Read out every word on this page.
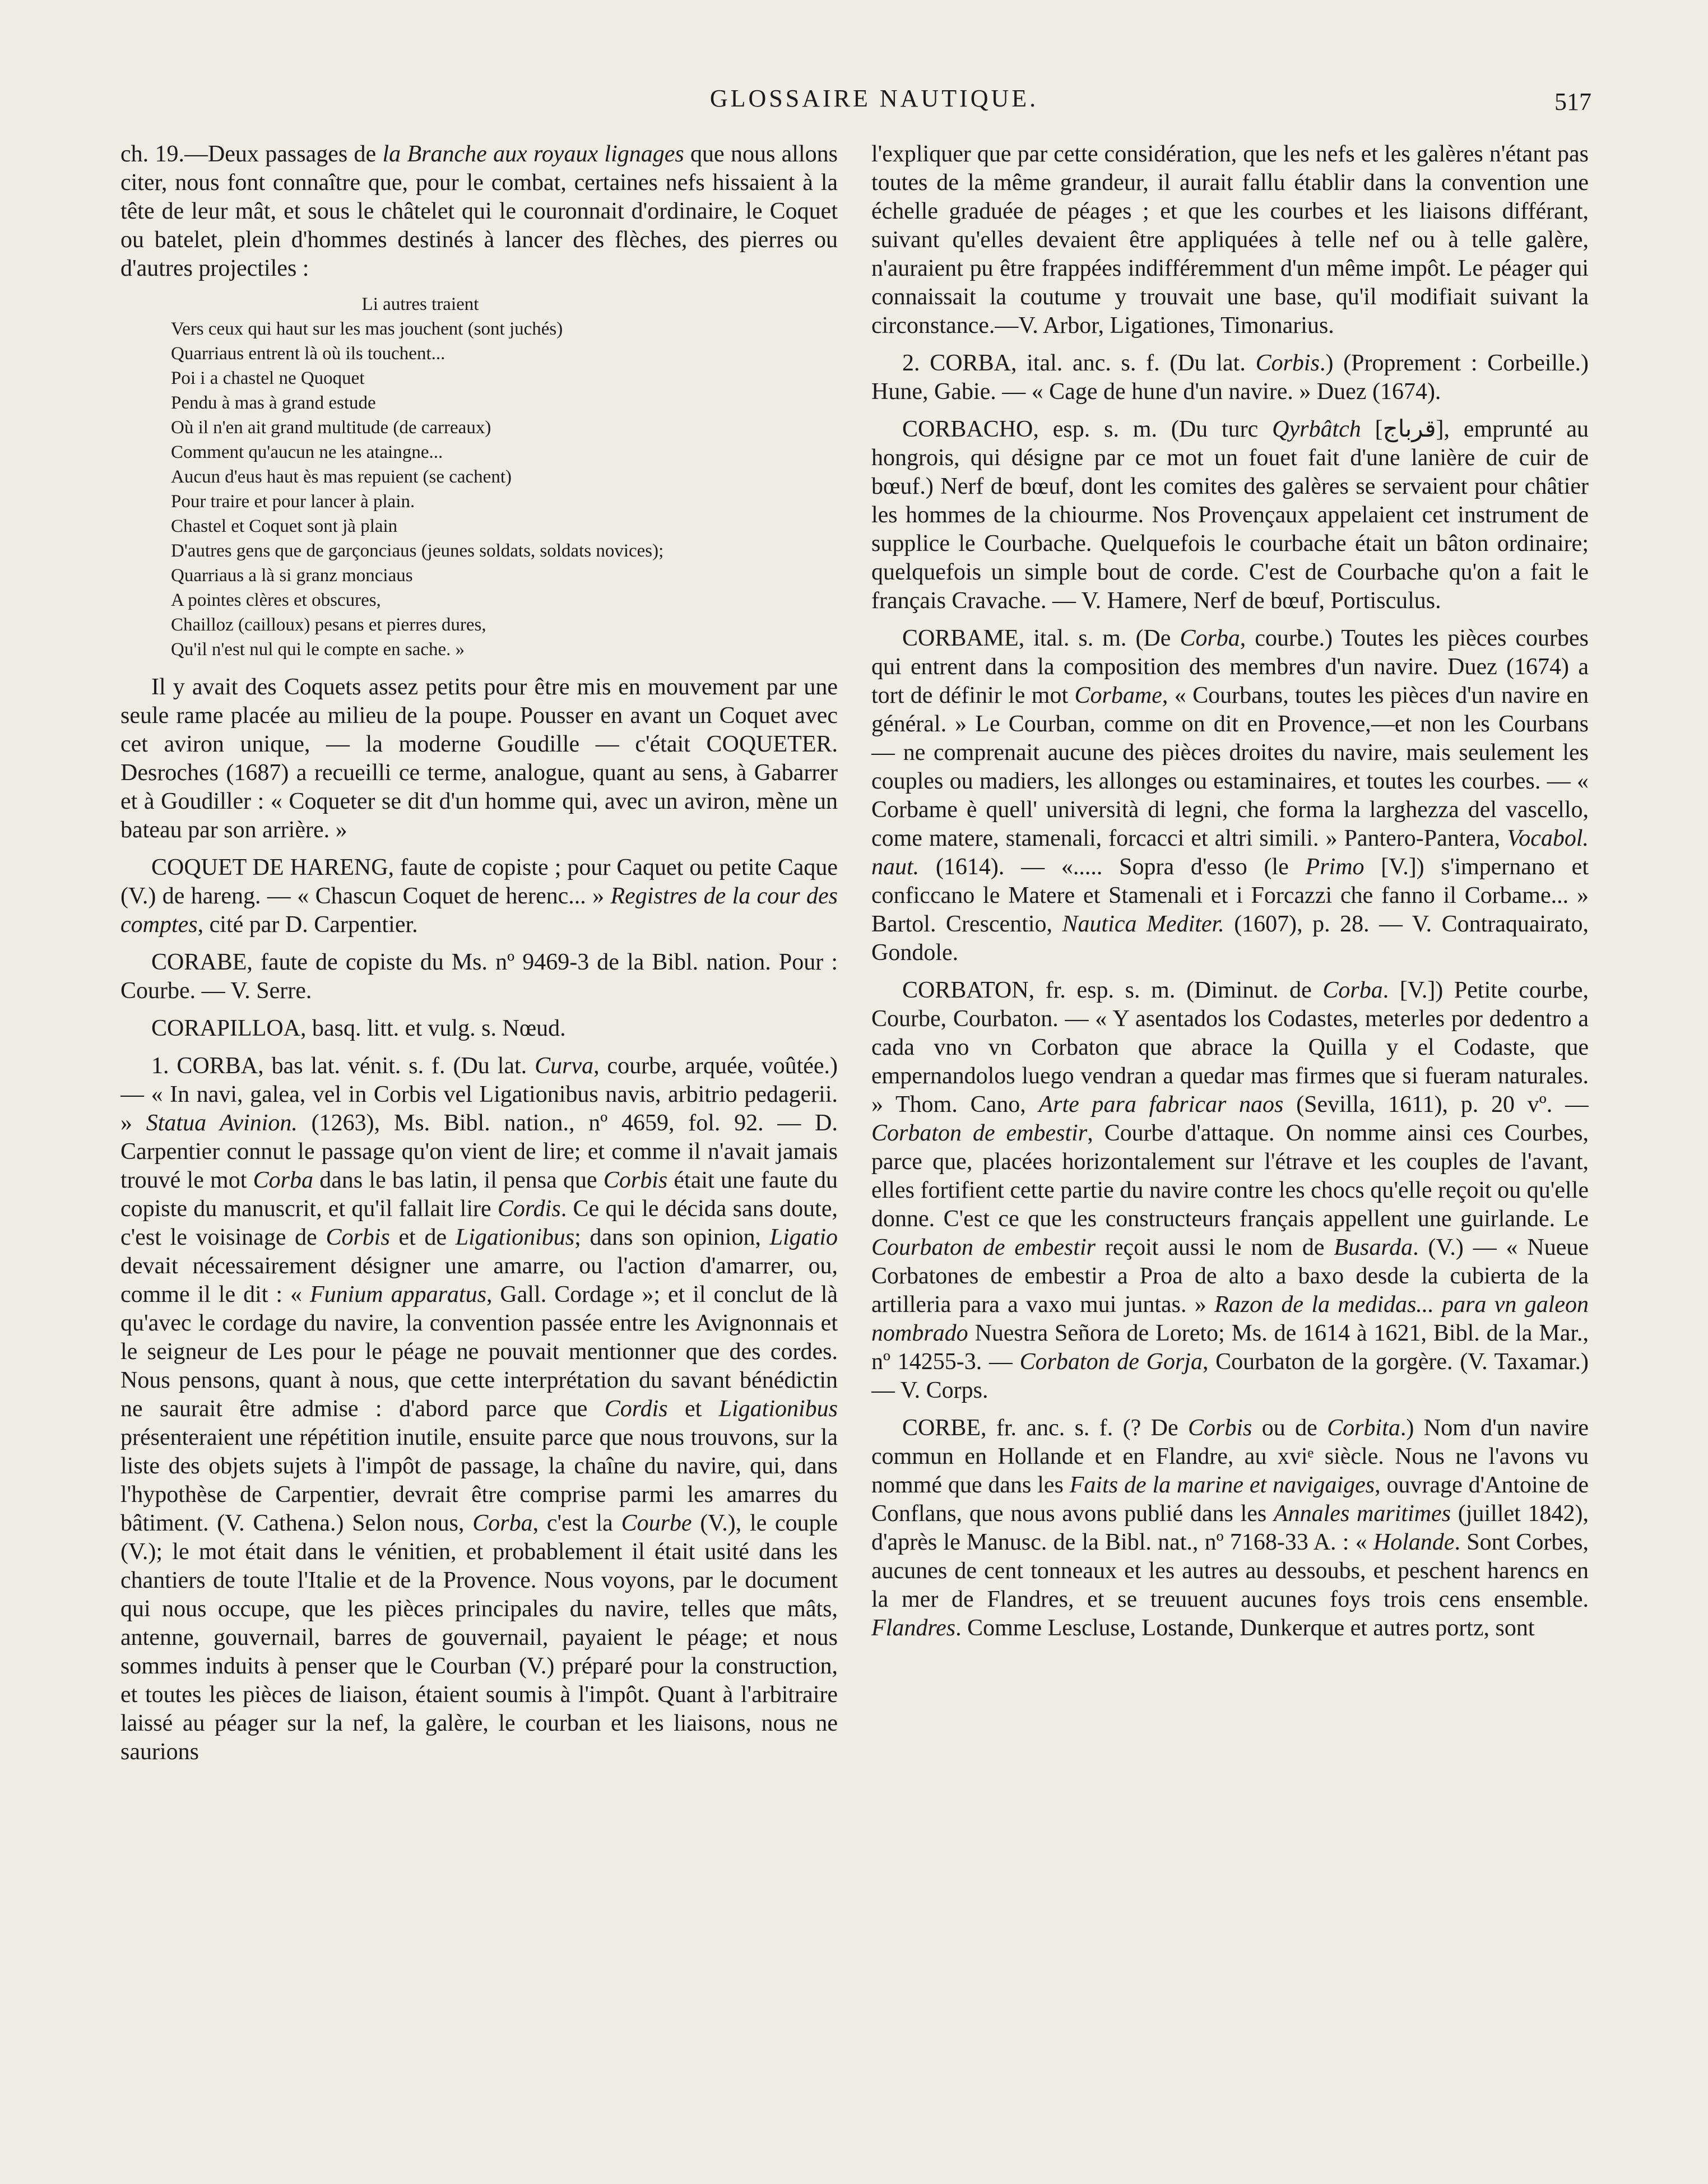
GLOSSAIRE NAUTIQUE.	517

ch. 19.—Deux passages de la Branche aux royaux lignages que nous allons citer, nous font connaître que, pour le combat, certaines nefs hissaient à la tête de leur mât, et sous le châtelet qui le couronnait d'ordinaire, le Coquet ou batelet, plein d'hommes destinés à lancer des flèches, des pierres ou d'autres projectiles :

Li autres traient
Vers ceux qui haut sur les mas jouchent (sont juchés)
Quarriaus entrent là où ils touchent...
Poi i a chastel ne Quoquet
Pendu à mas à grand estude
Où il n'en ait grand multitude (de carreaux)
Comment qu'aucun ne les ataingne...
Aucun d'eus haut ès mas repuient (se cachent)
Pour traire et pour lancer à plain.
Chastel et Coquet sont jà plain
D'autres gens que de garçonciaus (jeunes soldats, soldats novices);
Quarriaus a là si granz monciaus
A pointes clères et obscures,
Chailloz (cailloux) pesans et pierres dures,
Qu'il n'est nul qui le compte en sache. »

Il y avait des Coquets assez petits pour être mis en mouvement par une seule rame placée au milieu de la poupe. Pousser en avant un Coquet avec cet aviron unique, — la moderne Goudille — c'était COQUETER. Desroches (1687) a recueilli ce terme, analogue, quant au sens, à Gabarrer et à Goudiller : « Coqueter se dit d'un homme qui, avec un aviron, mène un bateau par son arrière. »

COQUET DE HARENG, faute de copiste ; pour Caquet ou petite Caque (V.) de hareng. — « Chascun Coquet de herenc... » Registres de la cour des comptes, cité par D. Carpentier.

CORABE, faute de copiste du Ms. nº 9469-3 de la Bibl. nation. Pour : Courbe. — V. Serre.

CORAPILLOA, basq. litt. et vulg. s. Nœud.

1. CORBA, bas lat. vénit. s. f. (Du lat. Curva, courbe, arquée, voûtée.) — « In navi, galea, vel in Corbis vel Ligationibus navis, arbitrio pedagerii. » Statua Avinion. (1263), Ms. Bibl. nation., nº 4659, fol. 92. — D. Carpentier connut le passage qu'on vient de lire; et comme il n'avait jamais trouvé le mot Corba dans le bas latin, il pensa que Corbis était une faute du copiste du manuscrit, et qu'il fallait lire Cordis. Ce qui le décida sans doute, c'est le voisinage de Corbis et de Ligationibus; dans son opinion, Ligatio devait nécessairement désigner une amarre, ou l'action d'amarrer, ou, comme il le dit : « Funium apparatus, Gall. Cordage »; et il conclut de là qu'avec le cordage du navire, la convention passée entre les Avignonnais et le seigneur de Les pour le péage ne pouvait mentionner que des cordes. Nous pensons, quant à nous, que cette interprétation du savant bénédictin ne saurait être admise : d'abord parce que Cordis et Ligationibus présenteraient une répétition inutile, ensuite parce que nous trouvons, sur la liste des objets sujets à l'impôt de passage, la chaîne du navire, qui, dans l'hypothèse de Carpentier, devrait être comprise parmi les amarres du bâtiment. (V. Cathena.) Selon nous, Corba, c'est la Courbe (V.), le couple (V.); le mot était dans le vénitien, et probablement il était usité dans les chantiers de toute l'Italie et de la Provence. Nous voyons, par le document qui nous occupe, que les pièces principales du navire, telles que mâts, antenne, gouvernail, barres de gouvernail, payaient le péage; et nous sommes induits à penser que le Courban (V.) préparé pour la construction, et toutes les pièces de liaison, étaient soumis à l'impôt. Quant à l'arbitraire laissé au péager sur la nef, la galère, le courban et les liaisons, nous ne saurions

l'expliquer que par cette considération, que les nefs et les galères n'étant pas toutes de la même grandeur, il aurait fallu établir dans la convention une échelle graduée de péages ; et que les courbes et les liaisons différant, suivant qu'elles devaient être appliquées à telle nef ou à telle galère, n'auraient pu être frappées indifféremment d'un même impôt. Le péager qui connaissait la coutume y trouvait une base, qu'il modifiait suivant la circonstance.—V. Arbor, Ligationes, Timonarius.

2. CORBA, ital. anc. s. f. (Du lat. Corbis.) (Proprement : Corbeille.) Hune, Gabie. — « Cage de hune d'un navire. » Duez (1674).

CORBACHO, esp. s. m. (Du turc Qyrbâtch [قرباج], emprunté au hongrois, qui désigne par ce mot un fouet fait d'une lanière de cuir de bœuf.) Nerf de bœuf, dont les comites des galères se servaient pour châtier les hommes de la chiourme. Nos Provençaux appelaient cet instrument de supplice le Courbache. Quelquefois le courbache était un bâton ordinaire; quelquefois un simple bout de corde. C'est de Courbache qu'on a fait le français Cravache. — V. Hamere, Nerf de bœuf, Portisculus.

CORBAME, ital. s. m. (De Corba, courbe.) Toutes les pièces courbes qui entrent dans la composition des membres d'un navire. Duez (1674) a tort de définir le mot Corbame, « Courbans, toutes les pièces d'un navire en général. » Le Courban, comme on dit en Provence,—et non les Courbans — ne comprenait aucune des pièces droites du navire, mais seulement les couples ou madiers, les allonges ou estaminaires, et toutes les courbes. — « Corbame è quell' università di legni, che forma la larghezza del vascello, come matere, stamenali, forcacci et altri simili. » Pantero-Pantera, Vocabol. naut. (1614). — «..... Sopra d'esso (le Primo [V.]) s'impernano et conficcano le Matere et Stamenali et i Forcazzi che fanno il Corbame... » Bartol. Crescentio, Nautica Mediter. (1607), p. 28. — V. Contraquairato, Gondole.

CORBATON, fr. esp. s. m. (Diminut. de Corba. [V.]) Petite courbe, Courbe, Courbaton. — « Y asentados los Codastes, meterles por dedentro a cada vno vn Corbaton que abrace la Quilla y el Codaste, que empernandolos luego vendran a quedar mas firmes que si fueram naturales. » Thom. Cano, Arte para fabricar naos (Sevilla, 1611), p. 20 vº. — Corbaton de embestir, Courbe d'attaque. On nomme ainsi ces Courbes, parce que, placées horizontalement sur l'étrave et les couples de l'avant, elles fortifient cette partie du navire contre les chocs qu'elle reçoit ou qu'elle donne. C'est ce que les constructeurs français appellent une guirlande. Le Courbaton de embestir reçoit aussi le nom de Busarda. (V.) — « Nueue Corbatones de embestir a Proa de alto a baxo desde la cubierta de la artilleria para a vaxo mui juntas. » Razon de la medidas... para vn galeon nombrado Nuestra Señora de Loreto; Ms. de 1614 à 1621, Bibl. de la Mar., nº 14255-3. — Corbaton de Gorja, Courbaton de la gorgère. (V. Taxamar.) — V. Corps.

CORBE, fr. anc. s. f. (? De Corbis ou de Corbita.) Nom d'un navire commun en Hollande et en Flandre, au xviᵉ siècle. Nous ne l'avons vu nommé que dans les Faits de la marine et navigaiges, ouvrage d'Antoine de Conflans, que nous avons publié dans les Annales maritimes (juillet 1842), d'après le Manusc. de la Bibl. nat., nº 7168-33 A. : « Holande. Sont Corbes, aucunes de cent tonneaux et les autres au dessoubs, et peschent harencs en la mer de Flandres, et se treuuent aucunes foys trois cens ensemble. Flandres. Comme Lescluse, Lostande, Dunkerque et autres portz, sont
